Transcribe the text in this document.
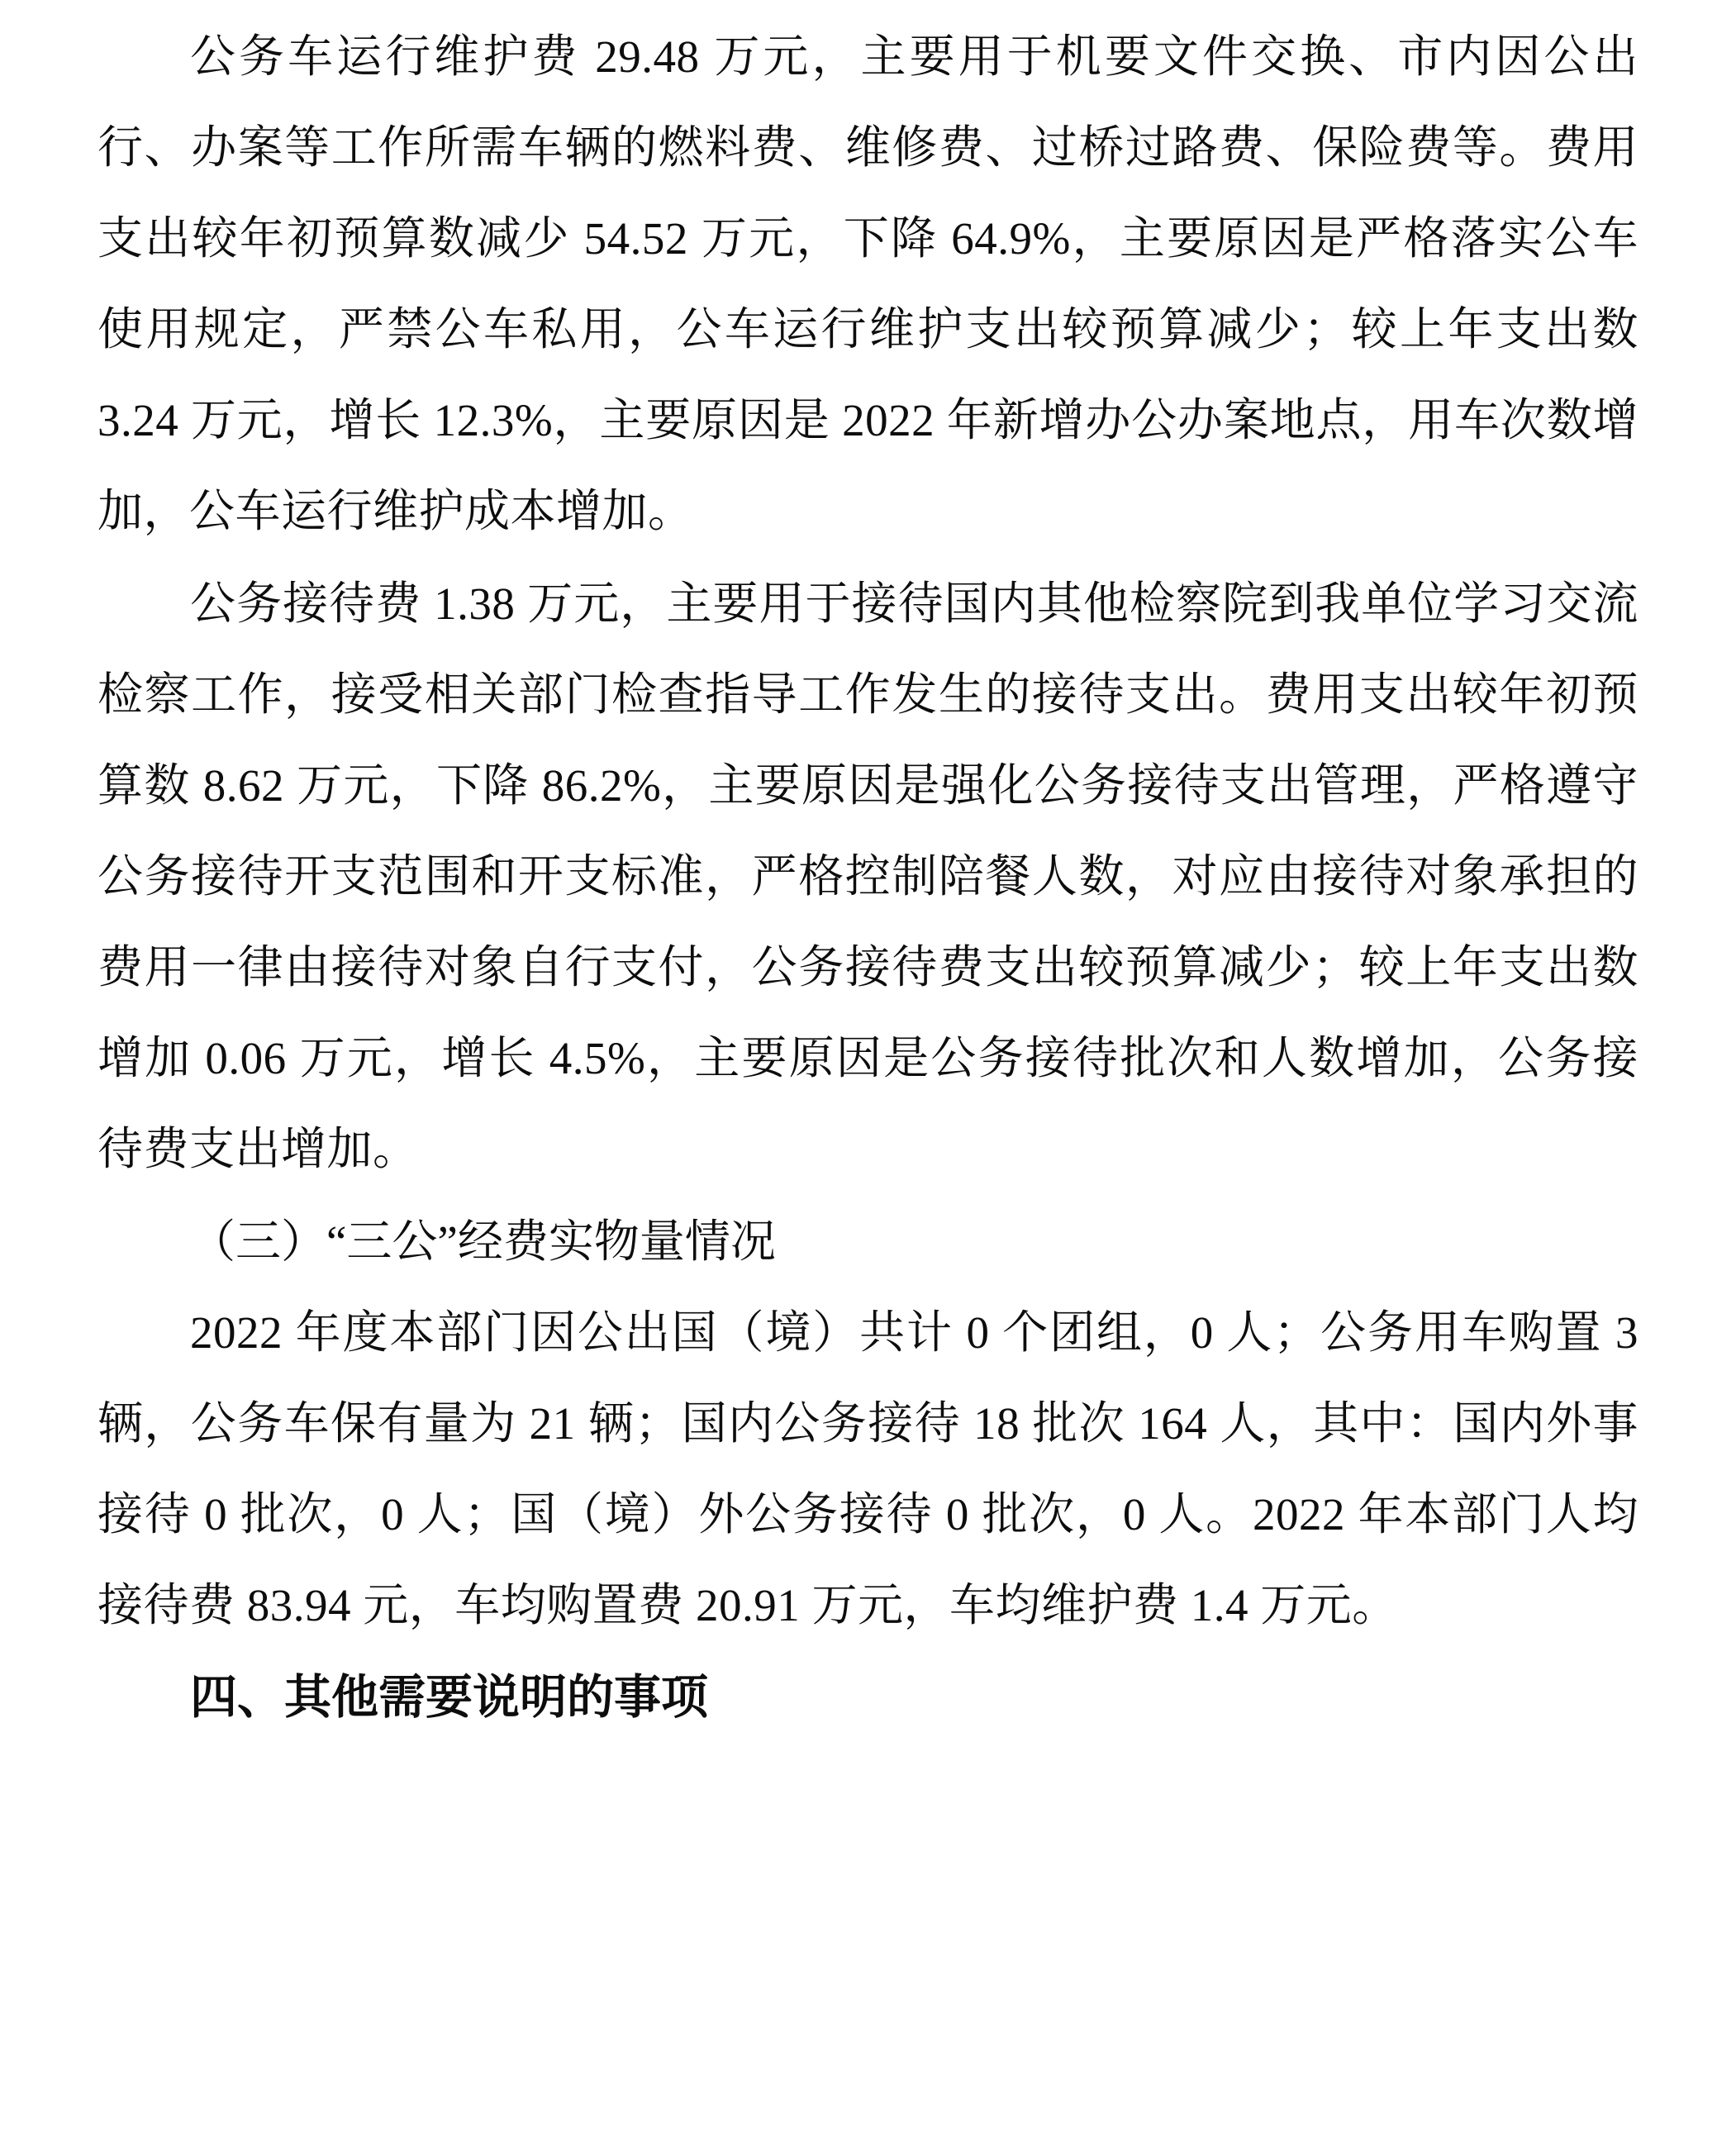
公务车运行维护费 29.48 万元，主要用于机要文件交换、市内因公出行、办案等工作所需车辆的燃料费、维修费、过桥过路费、保险费等。费用支出较年初预算数减少 54.52 万元，下降 64.9%，主要原因是严格落实公车使用规定，严禁公车私用，公车运行维护支出较预算减少；较上年支出数 3.24 万元，增长 12.3%，主要原因是 2022 年新增办公办案地点，用车次数增加，公车运行维护成本增加。

公务接待费 1.38 万元，主要用于接待国内其他检察院到我单位学习交流检察工作，接受相关部门检查指导工作发生的接待支出。费用支出较年初预算数 8.62 万元，下降 86.2%，主要原因是强化公务接待支出管理，严格遵守公务接待开支范围和开支标准，严格控制陪餐人数，对应由接待对象承担的费用一律由接待对象自行支付，公务接待费支出较预算减少；较上年支出数增加 0.06 万元，增长 4.5%，主要原因是公务接待批次和人数增加，公务接待费支出增加。

（三）“三公”经费实物量情况

2022 年度本部门因公出国（境）共计 0 个团组，0 人；公务用车购置 3 辆，公务车保有量为 21 辆；国内公务接待 18 批次 164 人，其中：国内外事接待 0 批次，0 人；国（境）外公务接待 0 批次，0 人。2022 年本部门人均接待费 83.94 元，车均购置费 20.91 万元，车均维护费 1.4 万元。

四、其他需要说明的事项
